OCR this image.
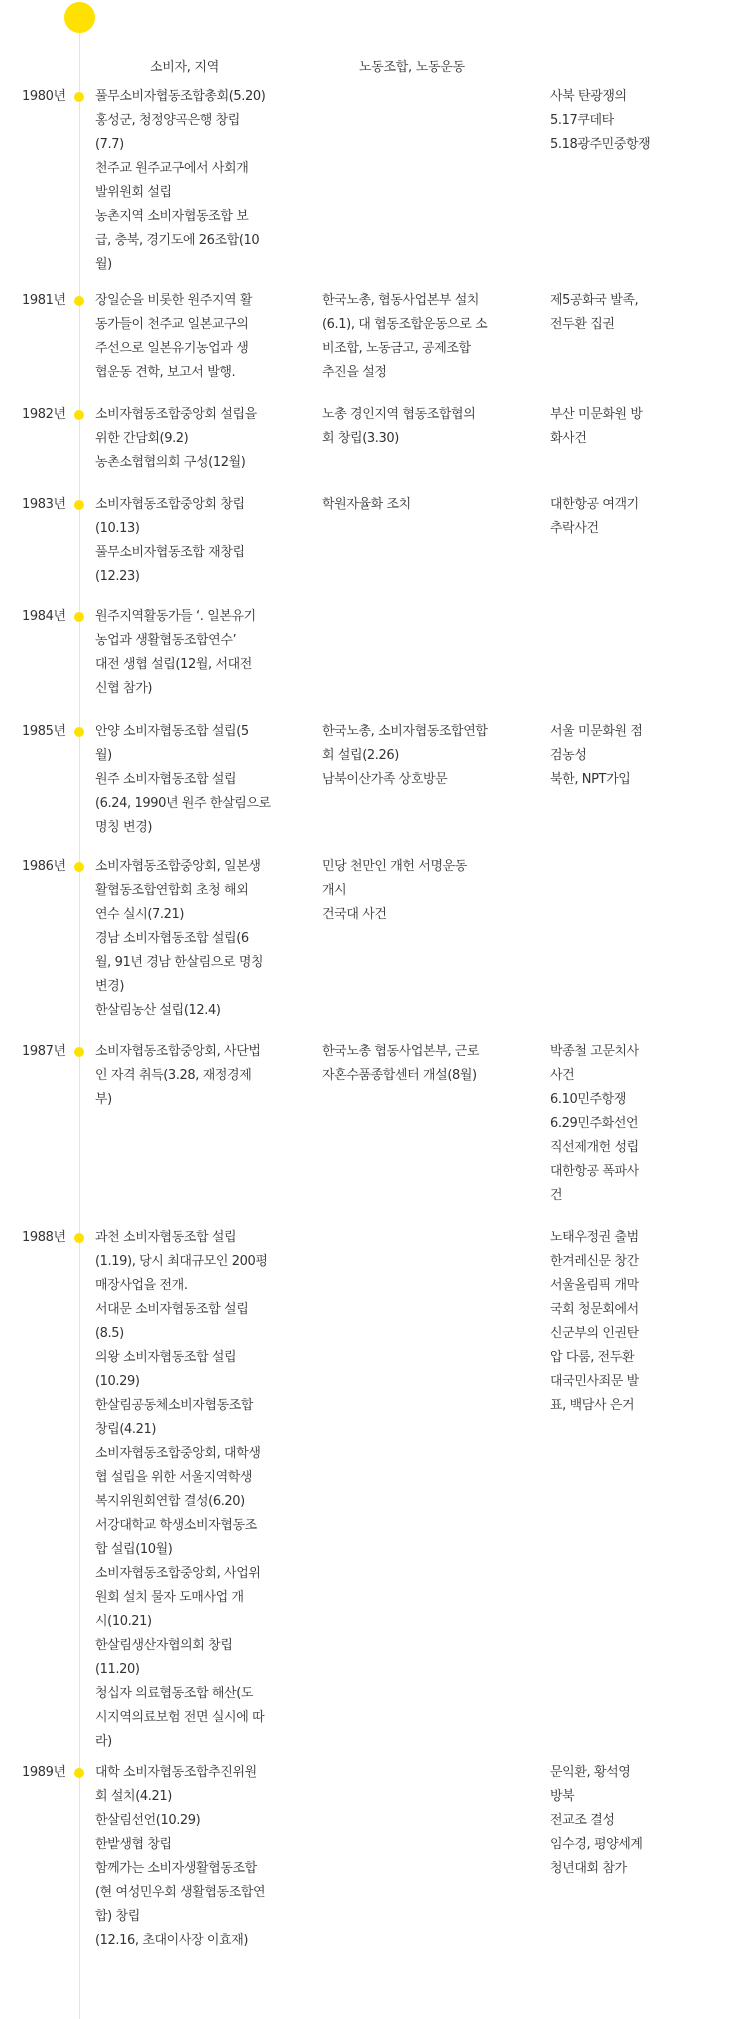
소비자, 지역	노동조합, 노동운동
1980년 풀무소비자협동조합총회(5.20)
홍성군, 청정양곡은행 창립
(7.7)
천주교 원주교구에서 사회개
발위원회 설립
농촌지역 소비자협동조합 보
급, 충북, 경기도에 26조합(10
월)
사북 탄광쟁의
5.17쿠데타
5.18광주민중항쟁
1981년 장일순을 비롯한 원주지역 활
동가들이 천주교 일본교구의
주선으로 일본유기농업과 생
협운동 견학, 보고서 발행.
한국노총, 협동사업본부 설치
(6.1), 대 협동조합운동으로 소
비조합, 노동금고, 공제조합
추진을 설정
제5공화국 발족,
전두환 집권
1982년 소비자협동조합중앙회 설립을
위한 간담회(9.2)
농촌소협협의회 구성(12월)
노총 경인지역 협동조합협의
회 창립(3.30)
부산 미문화원 방
화사건
1983년 소비자협동조합중앙회 창립
(10.13)
풀무소비자협동조합 재창립
(12.23)
학원자율화 조치	대한항공 여객기
추락사건
1984년 원주지역활동가들 ‘. 일본유기
농업과 생활협동조합연수’
대전 생협 설립(12월, 서대전
신협 참가)
1985년 안양 소비자협동조합 설립(5
월)
원주 소비자협동조합 설립
(6.24, 1990년 원주 한살림으로
명칭 변경)
한국노총, 소비자협동조합연합
회 설립(2.26)
남북이산가족 상호방문
서울 미문화원 점
검농성
북한, NPT가입
1986년 소비자협동조합중앙회, 일본생
활협동조합연합회 초청 해외
연수 실시(7.21)
경남 소비자협동조합 설립(6
월, 91년 경남 한살림으로 명칭
변경)
한살림농산 설립(12.4)
민당 천만인 개헌 서명운동
개시
건국대 사건
1987년 소비자협동조합중앙회, 사단법
인 자격 취득(3.28, 재정경제
부)
한국노총 협동사업본부, 근로
자혼수품종합센터 개설(8월)
박종철 고문치사
사건
6.10민주항쟁
6.29민주화선언
직선제개헌 성립
대한항공 폭파사
건
1988년 과천 소비자협동조합 설립
(1.19), 당시 최대규모인 200평
매장사업을 전개.
서대문 소비자협동조합 설립
(8.5)
의왕 소비자협동조합 설립
(10.29)
한살림공동체소비자협동조합
창립(4.21)
소비자협동조합중앙회, 대학생
협 설립을 위한 서울지역학생
복지위원회연합 결성(6.20)
서강대학교 학생소비자협동조
합 설립(10월)
소비자협동조합중앙회, 사업위
원회 설치 물자 도매사업 개
시(10.21)
한살림생산자협의회 창립
(11.20)
청십자 의료협동조합 해산(도
시지역의료보험 전면 실시에 따
라)
노태우정권 출범
한겨레신문 창간
서울올림픽 개막
국회 청문회에서
신군부의 인권탄
압 다룸, 전두환
대국민사죄문 발
표, 백담사 은거
1989년 대학 소비자협동조합추진위원
회 설치(4.21)
한살림선언(10.29)
한밭생협 창립
함께가는 소비자생활협동조합
(현 여성민우회 생활협동조합연
합) 창립
(12.16, 초대이사장 이효재)
문익환, 황석영
방북
전교조 결성
임수경, 평양세계
청년대회 참가
